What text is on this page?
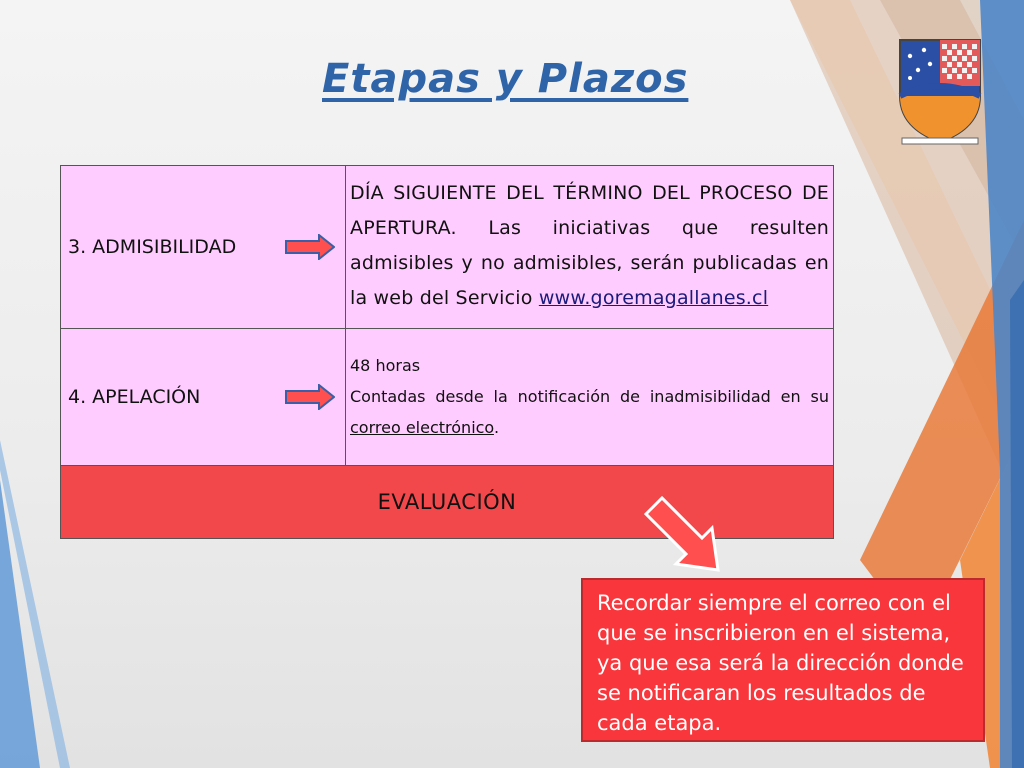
Etapas y Plazos
3. ADMISIBILIDAD	DÍA SIGUIENTE DEL TÉRMINO DEL PROCESO DE APERTURA. Las iniciativas que resulten admisibles y no admisibles, serán publicadas en la web del Servicio www.goremagallanes.cl

4. APELACIÓN	48 horas
Contadas desde la notificación de inadmisibilidad en su correo electrónico.

EVALUACIÓN	
Recordar siempre el correo con el que se inscribieron en el sistema, ya que esa será la dirección donde se notificaran los resultados de cada etapa.
